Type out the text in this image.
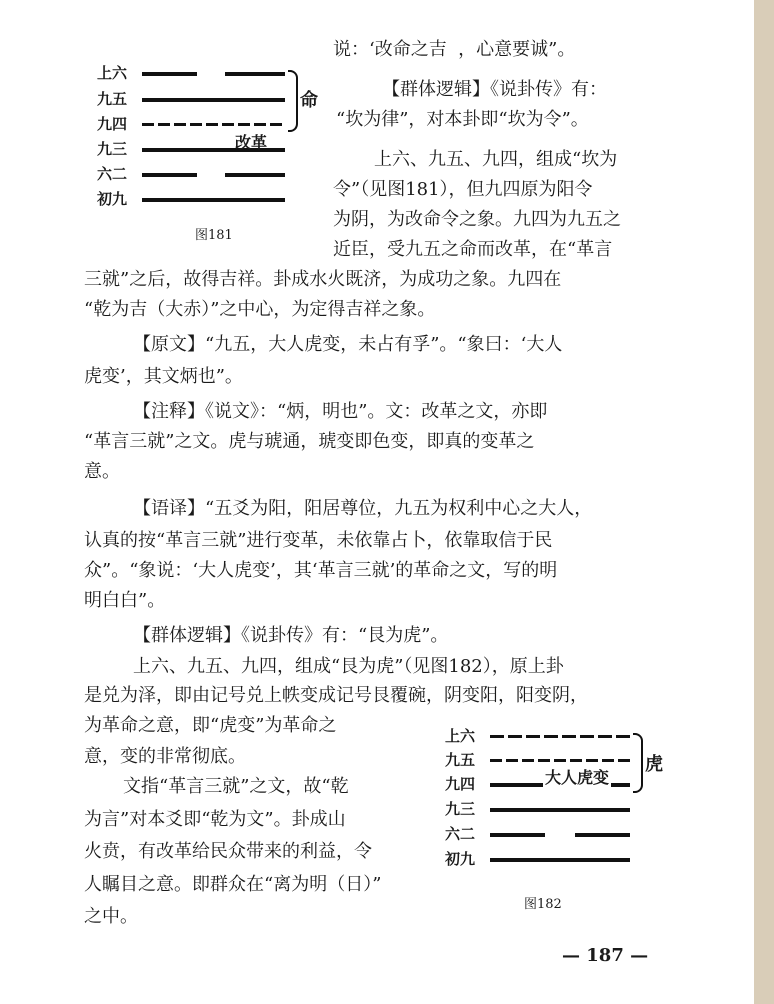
上六
九五
九四
九三
六二
初九
命
改革
图181

说：‘改命之吉  ，心意要诚”。

【群体逻辑】《说卦传》有：

“坎为律”，对本卦即“坎为令”。

上六、九五、九四，组成“坎为

令”（见图181），但九四原为阳令

为阴，为改命令之象。九四为九五之

近臣，受九五之命而改革，在“革言

三就”之后，故得吉祥。卦成水火既济，为成功之象。九四在

“乾为吉（大赤）”之中心，为定得吉祥之象。

【原文】“九五，大人虎变，未占有孚”。“象曰：‘大人

虎变’，其文炳也”。

【注释】《说文》：“炳，明也”。文：改革之文，亦即

“革言三就”之文。虎与琥通，琥变即色变，即真的变革之

意。

【语译】“五爻为阳，阳居尊位，九五为权利中心之大人，

认真的按“革言三就”进行变革，未依靠占卜，依靠取信于民

众”。“象说：‘大人虎变’，其‘革言三就’的革命之文，写的明

明白白”。

【群体逻辑】《说卦传》有：“艮为虎”。

上六、九五、九四，组成“艮为虎”（见图182），原上卦

是兑为泽，即由记号兑上帙变成记号艮覆碗，阴变阳，阳变阴，

为革命之意，即“虎变”为革命之

意，变的非常彻底。

文指“革言三就”之文，故“乾

为言”对本爻即“乾为文”。卦成山

火贲，有改革给民众带来的利益，令

人瞩目之意。即群众在“离为明（日）”

之中。

上六
九五
九四
九三
六二
初九
虎
大人虎变
图182

— 187 —
